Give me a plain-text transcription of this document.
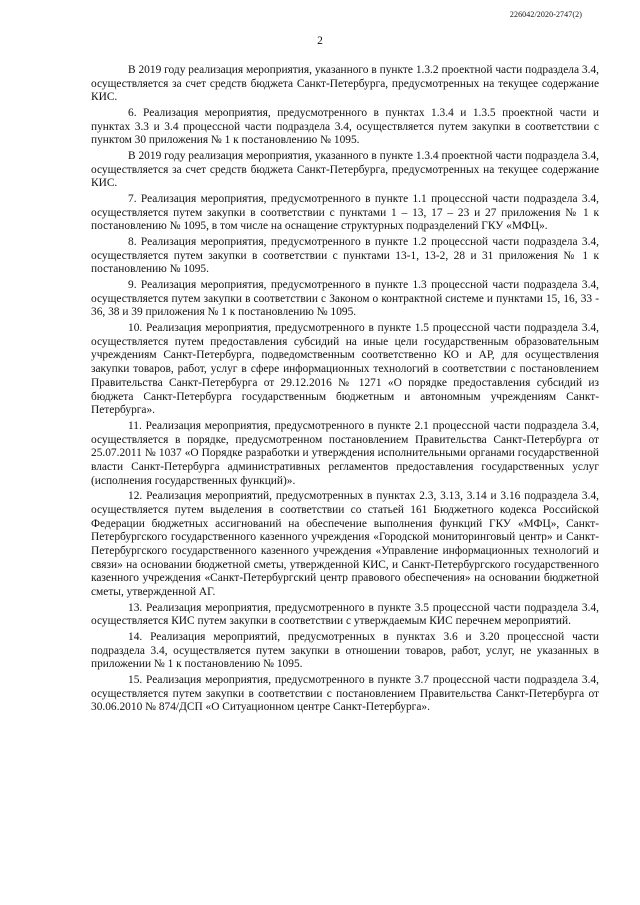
226042/2020-2747(2)
2

В 2019 году реализация мероприятия, указанного в пункте 1.3.2 проектной части подраздела 3.4, осуществляется за счет средств бюджета Санкт-Петербурга, предусмотренных на текущее содержание КИС.

6. Реализация мероприятия, предусмотренного в пунктах 1.3.4 и 1.3.5 проектной части и пунктах 3.3 и 3.4 процессной части подраздела 3.4, осуществляется путем закупки в соответствии с пунктом 30 приложения № 1 к постановлению № 1095.

В 2019 году реализация мероприятия, указанного в пункте 1.3.4 проектной части подраздела 3.4, осуществляется за счет средств бюджета Санкт-Петербурга, предусмотренных на текущее содержание КИС.

7. Реализация мероприятия, предусмотренного в пункте 1.1 процессной части подраздела 3.4, осуществляется путем закупки в соответствии с пунктами 1 – 13, 17 – 23 и 27 приложения № 1 к постановлению № 1095, в том числе на оснащение структурных подразделений ГКУ «МФЦ».

8. Реализация мероприятия, предусмотренного в пункте 1.2 процессной части подраздела 3.4, осуществляется путем закупки в соответствии с пунктами 13-1, 13-2, 28 и 31 приложения № 1 к постановлению № 1095.

9. Реализация мероприятия, предусмотренного в пункте 1.3 процессной части подраздела 3.4, осуществляется путем закупки в соответствии с Законом о контрактной системе и пунктами 15, 16, 33 - 36, 38 и 39 приложения № 1 к постановлению № 1095.

10. Реализация мероприятия, предусмотренного в пункте 1.5 процессной части подраздела 3.4, осуществляется путем предоставления субсидий на иные цели государственным образовательным учреждениям Санкт-Петербурга, подведомственным соответственно КО и АР, для осуществления закупки товаров, работ, услуг в сфере информационных технологий в соответствии с постановлением Правительства Санкт-Петербурга от 29.12.2016 № 1271 «О порядке предоставления субсидий из бюджета Санкт-Петербурга государственным бюджетным и автономным учреждениям Санкт-Петербурга».

11. Реализация мероприятия, предусмотренного в пункте 2.1 процессной части подраздела 3.4, осуществляется в порядке, предусмотренном постановлением Правительства Санкт-Петербурга от 25.07.2011 № 1037 «О Порядке разработки и утверждения исполнительными органами государственной власти Санкт-Петербурга административных регламентов предоставления государственных услуг (исполнения государственных функций)».

12. Реализация мероприятий, предусмотренных в пунктах 2.3, 3.13, 3.14 и 3.16 подраздела 3.4, осуществляется путем выделения в соответствии со статьей 161 Бюджетного кодекса Российской Федерации бюджетных ассигнований на обеспечение выполнения функций ГКУ «МФЦ», Санкт-Петербургского государственного казенного учреждения «Городской мониторинговый центр» и Санкт-Петербургского государственного казенного учреждения «Управление информационных технологий и связи» на основании бюджетной сметы, утвержденной КИС, и Санкт-Петербургского государственного казенного учреждения «Санкт-Петербургский центр правового обеспечения» на основании бюджетной сметы, утвержденной АГ.

13. Реализация мероприятия, предусмотренного в пункте 3.5 процессной части подраздела 3.4, осуществляется КИС путем закупки в соответствии с утверждаемым КИС перечнем мероприятий.

14. Реализация мероприятий, предусмотренных в пунктах 3.6 и 3.20 процессной части подраздела 3.4, осуществляется путем закупки в отношении товаров, работ, услуг, не указанных в приложении № 1 к постановлению № 1095.

15. Реализация мероприятия, предусмотренного в пункте 3.7 процессной части подраздела 3.4, осуществляется путем закупки в соответствии с постановлением Правительства Санкт-Петербурга от 30.06.2010 № 874/ДСП «О Ситуационном центре Санкт-Петербурга».
